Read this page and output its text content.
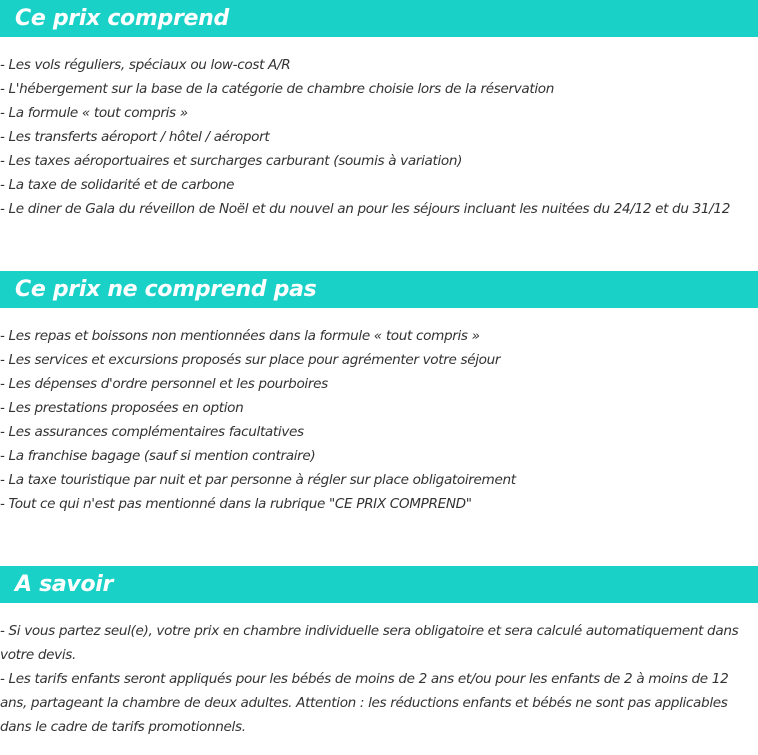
Ce prix comprend
- Les vols réguliers, spéciaux ou low-cost A/R
- L'hébergement sur la base de la catégorie de chambre choisie lors de la réservation
- La formule « tout compris »
- Les transferts aéroport / hôtel / aéroport
- Les taxes aéroportuaires et surcharges carburant (soumis à variation)
- La taxe de solidarité et de carbone
- Le diner de Gala du réveillon de Noël et du nouvel an pour les séjours incluant les nuitées du 24/12 et du 31/12
Ce prix ne comprend pas
- Les repas et boissons non mentionnées dans la formule « tout compris »
- Les services et excursions proposés sur place pour agrémenter votre séjour
- Les dépenses d'ordre personnel et les pourboires
- Les prestations proposées en option
- Les assurances complémentaires facultatives
- La franchise bagage (sauf si mention contraire)
- La taxe touristique par nuit et par personne à régler sur place obligatoirement
- Tout ce qui n'est pas mentionné dans la rubrique "CE PRIX COMPREND"
A savoir
- Si vous partez seul(e), votre prix en chambre individuelle sera obligatoire et sera calculé automatiquement dans votre devis.
- Les tarifs enfants seront appliqués pour les bébés de moins de 2 ans et/ou pour les enfants de 2 à moins de 12 ans, partageant la chambre de deux adultes. Attention : les réductions enfants et bébés ne sont pas applicables dans le cadre de tarifs promotionnels.
